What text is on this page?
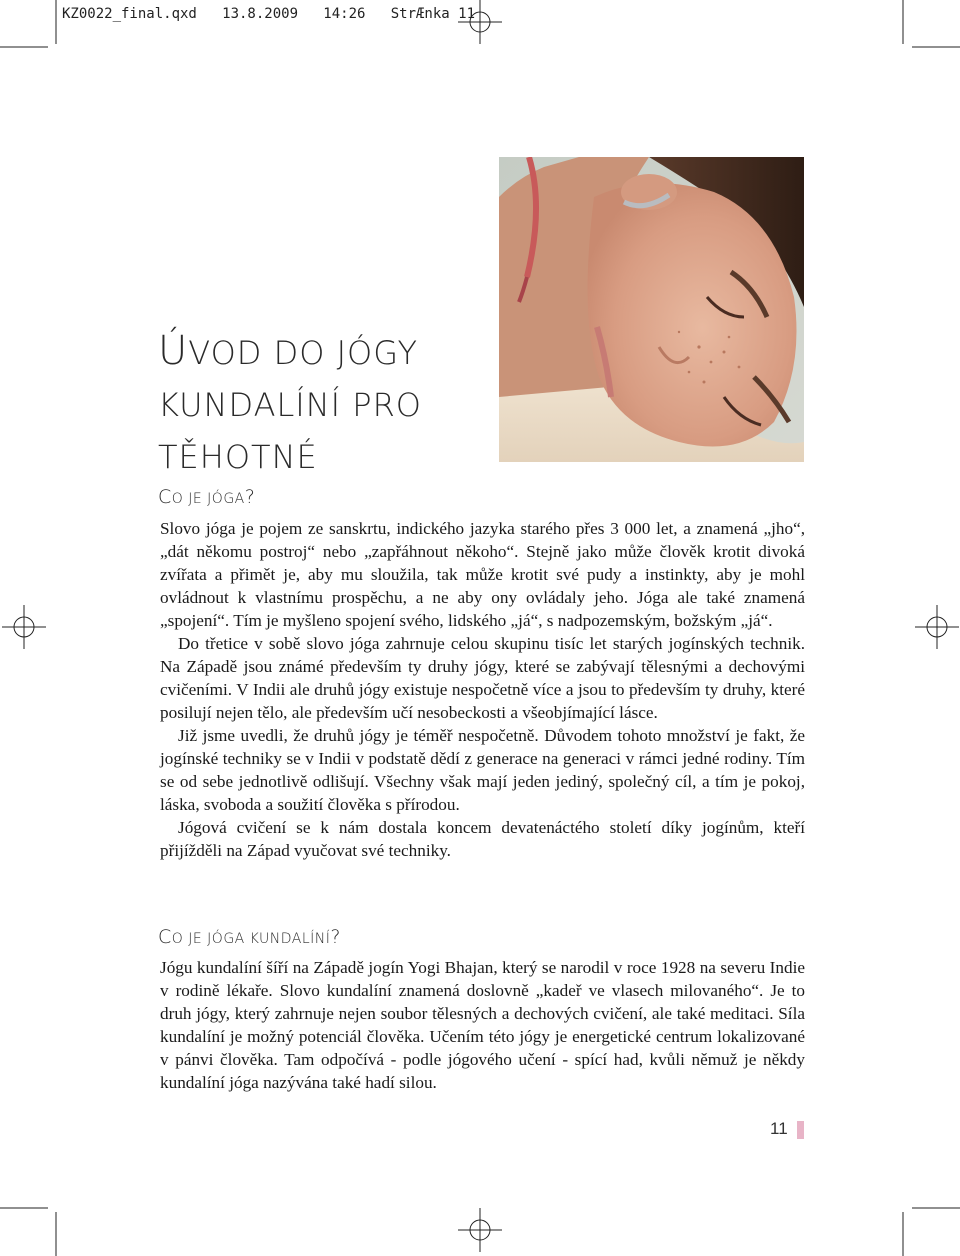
KZ0022_final.qxd   13.8.2009   14:26   StrÆnka 11
ÚVOD DO JÓGY
KUNDALÍNÍ PRO
TĚHOTNÉ
CO JE JÓGA?

Slovo jóga je pojem ze sanskrtu, indického jazyka starého přes 3 000 let, a znamená „jho“, „dát někomu postroj“ nebo „zapřáhnout někoho“. Stejně jako může člověk krotit divoká zvířata a přimět je, aby mu sloužila, tak může krotit své pudy a instinkty, aby je mohl ovládnout k vlastnímu prospěchu, a ne aby ony ovládaly jeho. Jóga ale také znamená „spojení“. Tím je myšleno spojení svého, lidského „já“, s nadpozemským, božským „já“.

Do třetice v sobě slovo jóga zahrnuje celou skupinu tisíc let starých jogínských technik. Na Západě jsou známé především ty druhy jógy, které se zabývají tělesnými a dechovými cvičeními. V Indii ale druhů jógy existuje nespočetně více a jsou to především ty druhy, které posilují nejen tělo, ale především učí nesobeckosti a všeobjímající lásce.

Již jsme uvedli, že druhů jógy je téměř nespočetně. Důvodem tohoto množství je fakt, že jogínské techniky se v Indii v podstatě dědí z generace na generaci v rámci jedné rodiny. Tím se od sebe jednotlivě odlišují. Všechny však mají jeden jediný, společný cíl, a tím je pokoj, láska, svoboda a soužití člověka s přírodou.

Jógová cvičení se k nám dostala koncem devatenáctého století díky jogínům, kteří přijížděli na Západ vyučovat své techniky.

CO JE JÓGA KUNDALÍNÍ?

Jógu kundalíní šíří na Západě jogín Yogi Bhajan, který se narodil v roce 1928 na severu Indie v rodině lékaře. Slovo kundalíní znamená doslovně „kadeř ve vlasech milovaného“. Je to druh jógy, který zahrnuje nejen soubor tělesných a dechových cvičení, ale také meditaci. Síla kundalíní je možný potenciál člověka. Učením této jógy je energetické centrum lokalizované v pánvi člověka. Tam odpočívá - podle jógového učení - spící had, kvůli němuž je někdy kundalíní jóga nazývána také hadí silou.

11
